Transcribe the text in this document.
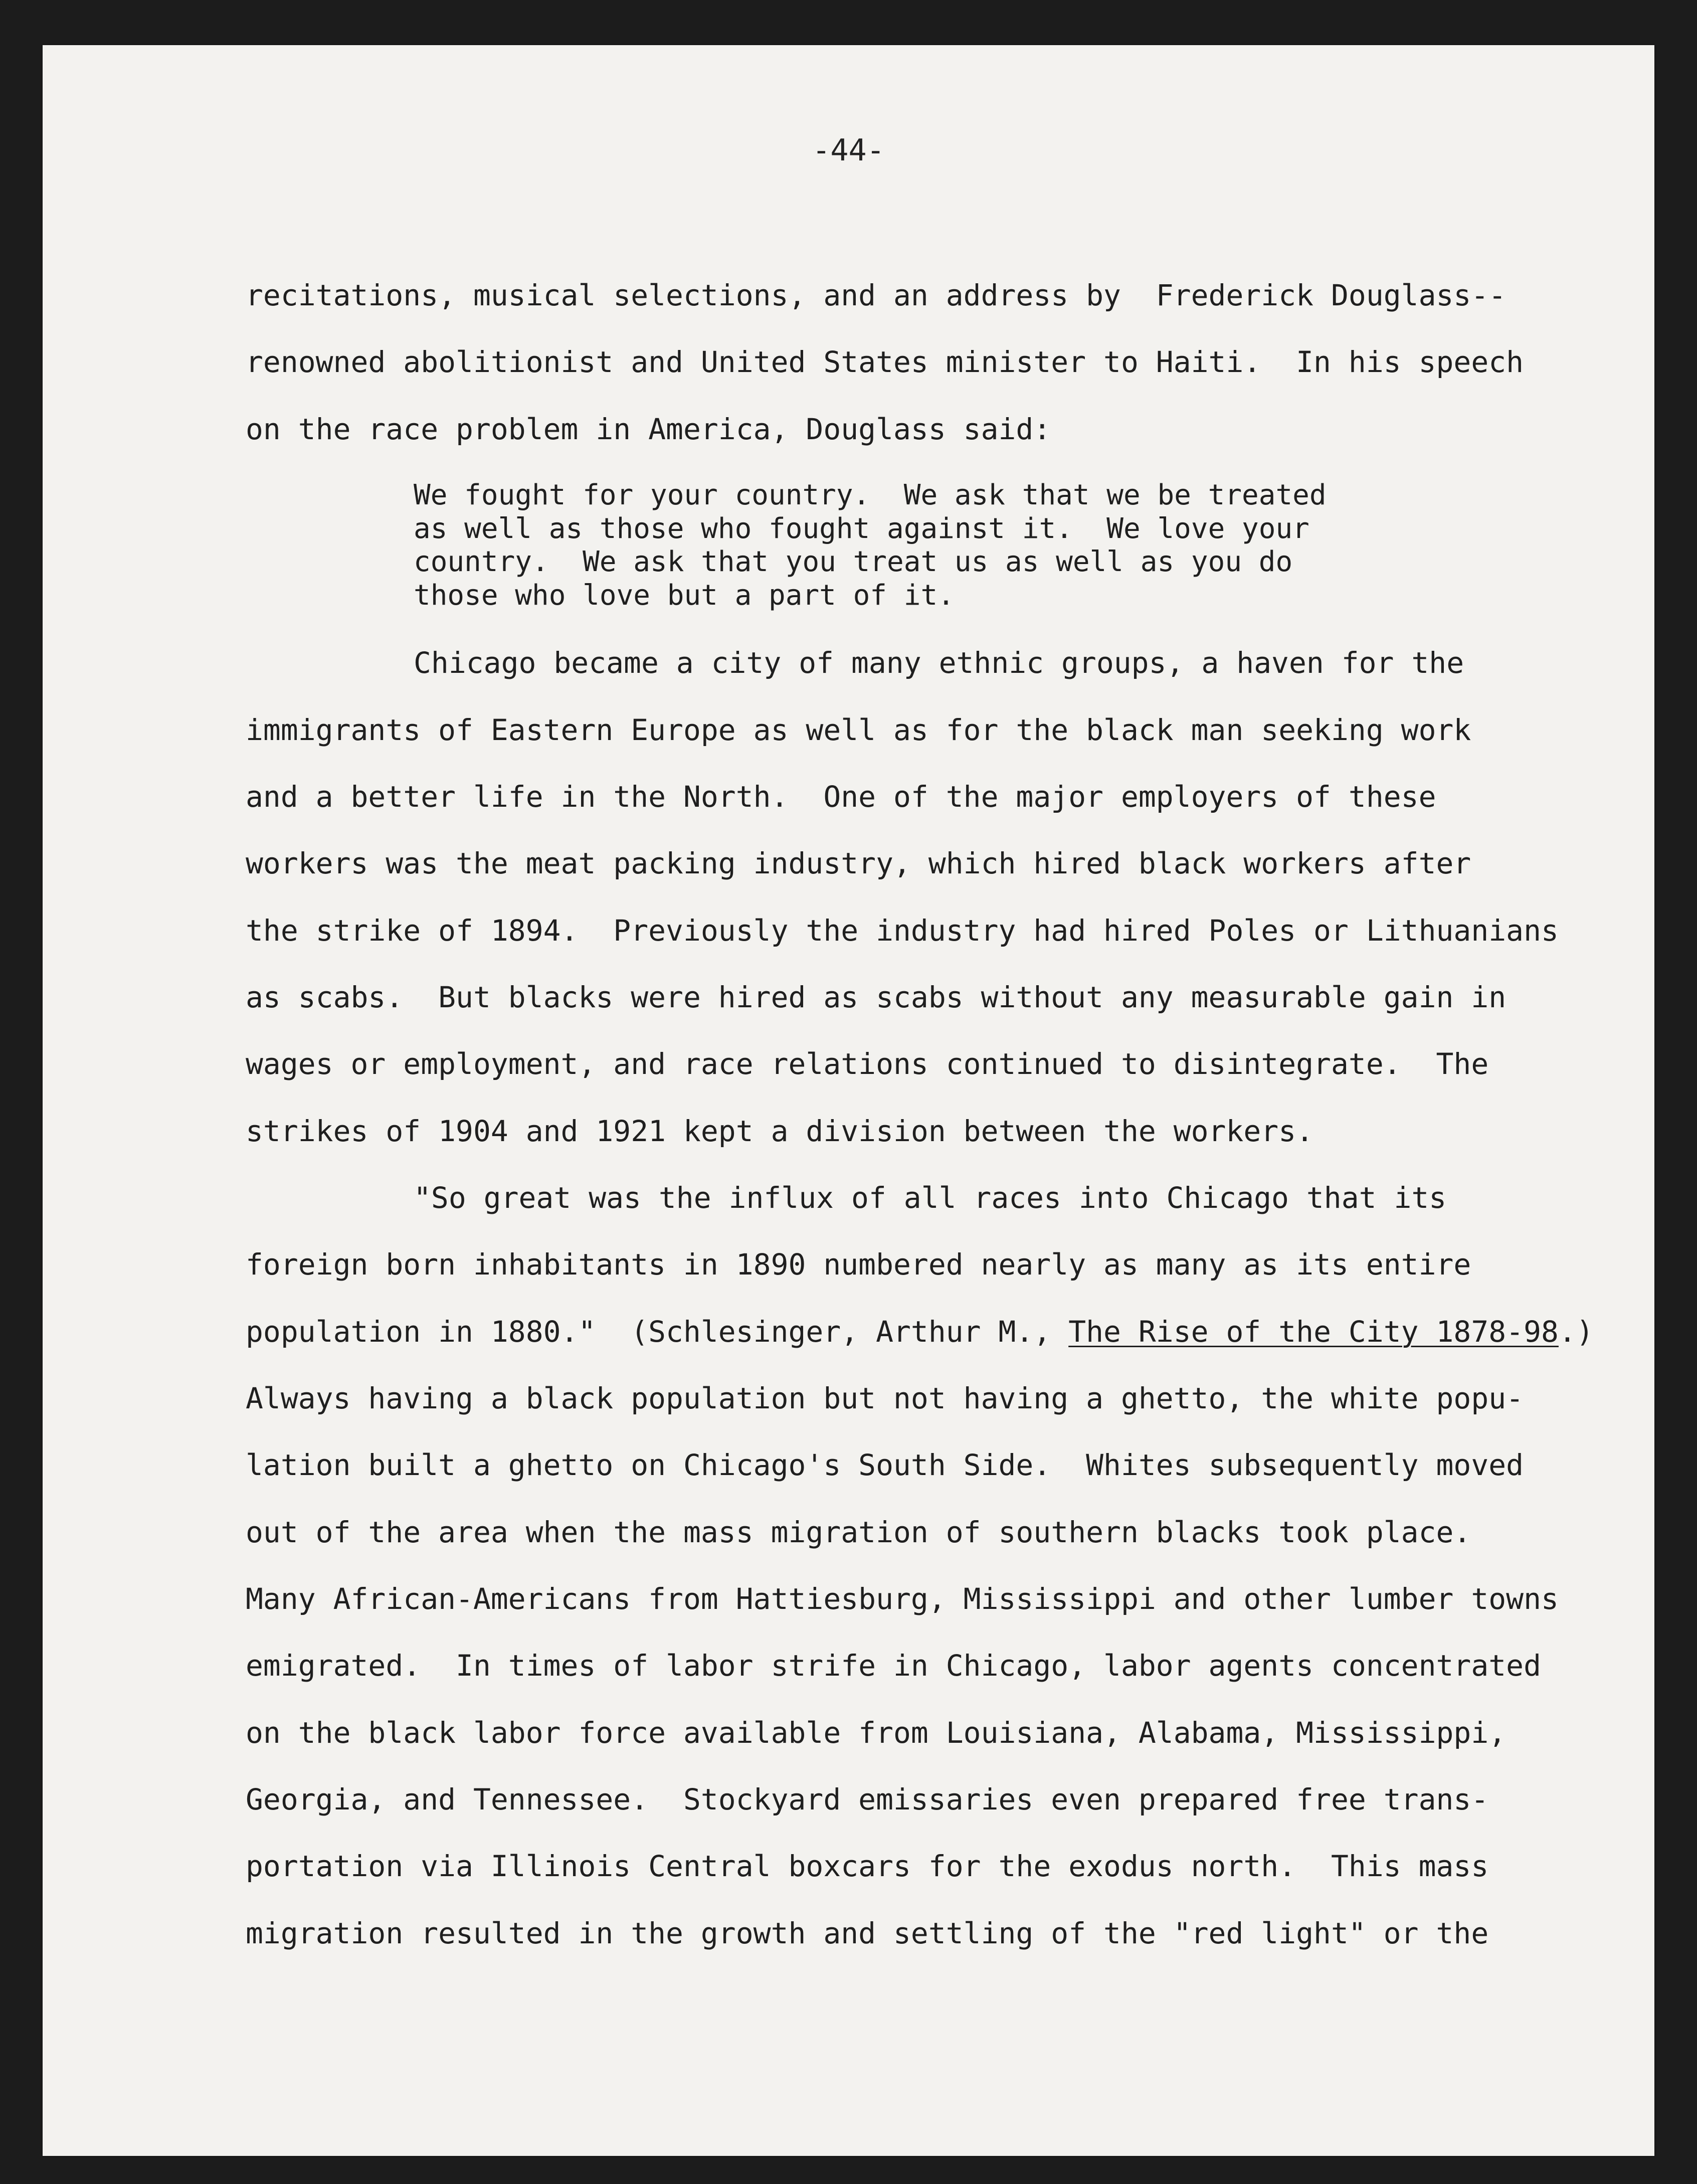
-44-

recitations, musical selections, and an address by  Frederick Douglass--

renowned abolitionist and United States minister to Haiti.  In his speech

on the race problem in America, Douglass said:

We fought for your country.  We ask that we be treated

as well as those who fought against it.  We love your

country.  We ask that you treat us as well as you do

those who love but a part of it.

Chicago became a city of many ethnic groups, a haven for the

immigrants of Eastern Europe as well as for the black man seeking work

and a better life in the North.  One of the major employers of these

workers was the meat packing industry, which hired black workers after

the strike of 1894.  Previously the industry had hired Poles or Lithuanians

as scabs.  But blacks were hired as scabs without any measurable gain in

wages or employment, and race relations continued to disintegrate.  The

strikes of 1904 and 1921 kept a division between the workers.

"So great was the influx of all races into Chicago that its

foreign born inhabitants in 1890 numbered nearly as many as its entire

population in 1880."  (Schlesinger, Arthur M., The Rise of the City 1878-98.)

Always having a black population but not having a ghetto, the white popu-

lation built a ghetto on Chicago's South Side.  Whites subsequently moved

out of the area when the mass migration of southern blacks took place.

Many African-Americans from Hattiesburg, Mississippi and other lumber towns

emigrated.  In times of labor strife in Chicago, labor agents concentrated

on the black labor force available from Louisiana, Alabama, Mississippi,

Georgia, and Tennessee.  Stockyard emissaries even prepared free trans-

portation via Illinois Central boxcars for the exodus north.  This mass

migration resulted in the growth and settling of the "red light" or the
